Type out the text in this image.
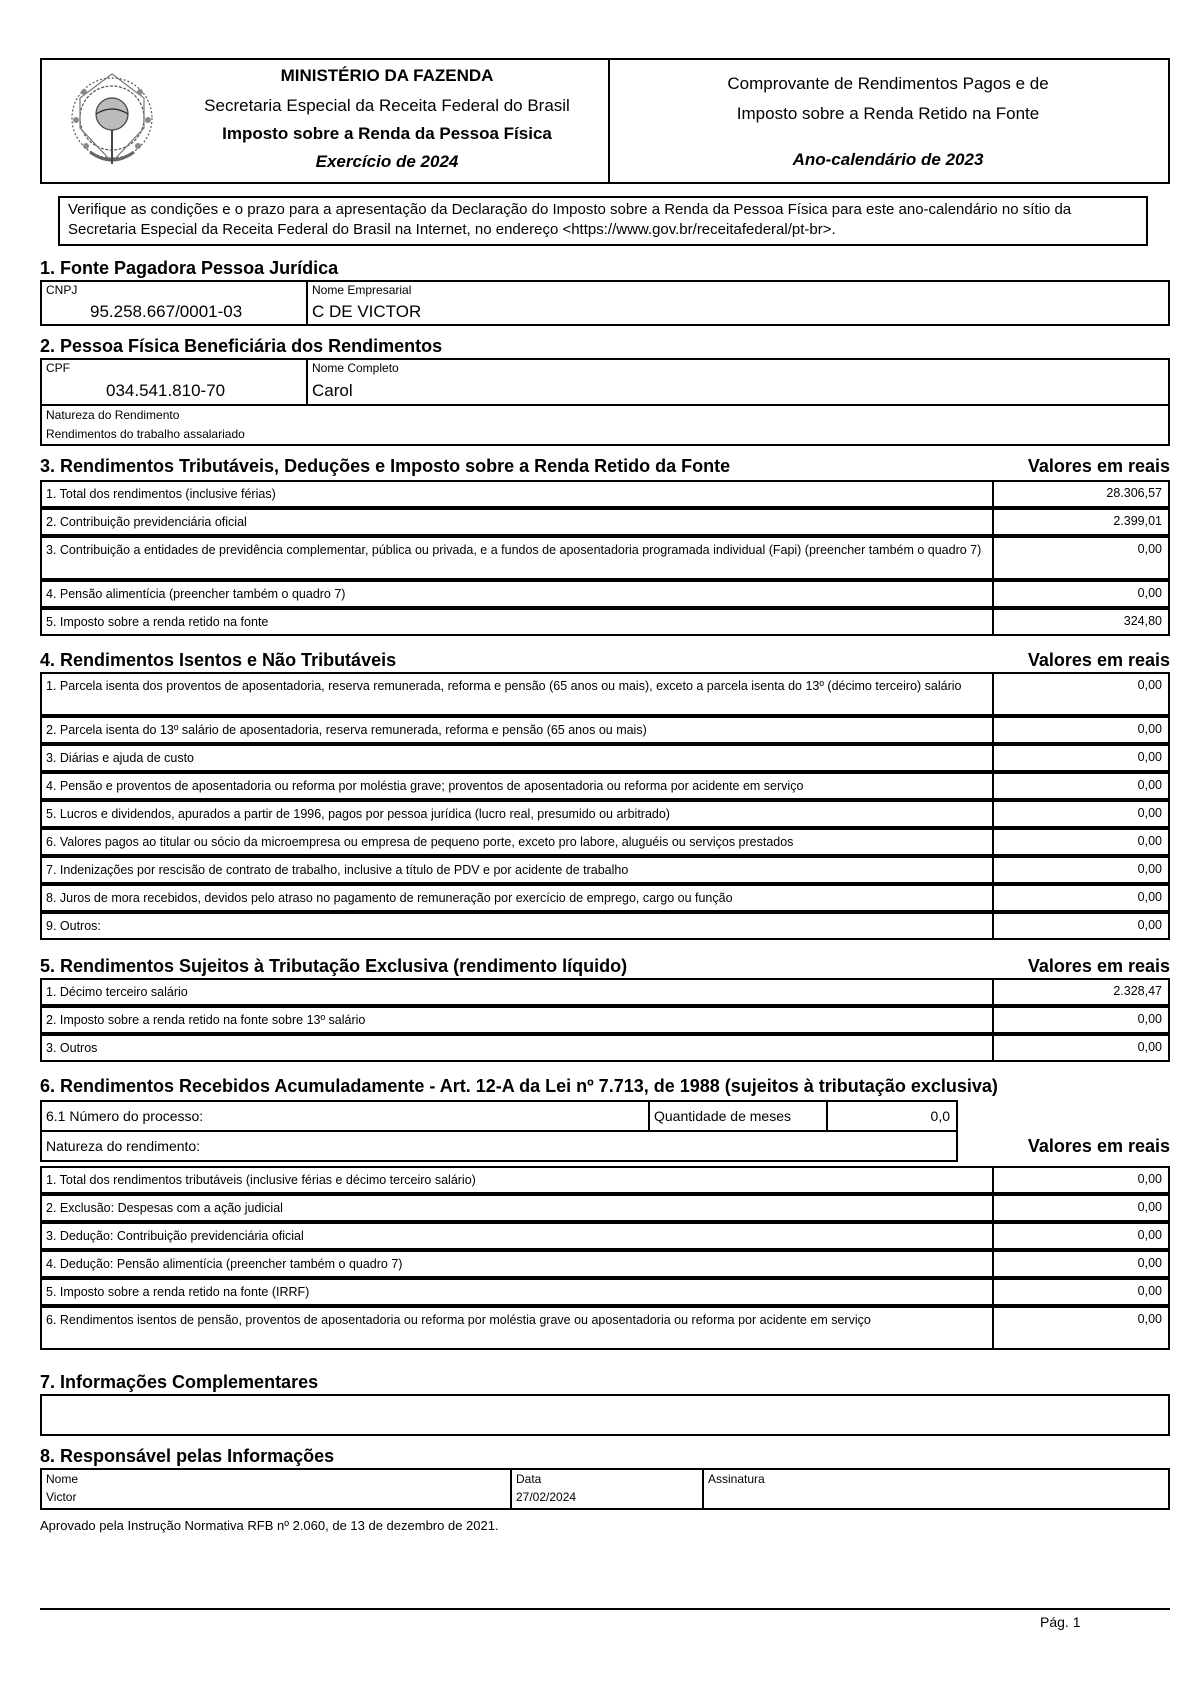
MINISTÉRIO DA FAZENDA
Secretaria Especial da Receita Federal do Brasil
Imposto sobre a Renda da Pessoa Física
Exercício de 2024
Comprovante de Rendimentos Pagos e de
Imposto sobre a Renda Retido na Fonte
Ano-calendário de 2023
Verifique as condições e o prazo para a apresentação da Declaração do Imposto sobre a Renda da Pessoa Física para este ano-calendário no sítio da Secretaria Especial da Receita Federal do Brasil na Internet, no endereço <https://www.gov.br/receitafederal/pt-br>.
1. Fonte Pagadora Pessoa Jurídica
CNPJ
95.258.667/0001-03
Nome Empresarial
C DE VICTOR
2. Pessoa Física Beneficiária dos Rendimentos
CPF
034.541.810-70
Nome Completo
Carol
Natureza do Rendimento
Rendimentos do trabalho assalariado
3. Rendimentos Tributáveis, Deduções e Imposto sobre a Renda Retido da Fonte	Valores em reais
1. Total dos rendimentos (inclusive férias)	28.306,57
2. Contribuição previdenciária oficial	2.399,01
3. Contribuição a entidades de previdência complementar, pública ou privada, e a fundos de aposentadoria programada individual (Fapi) (preencher também o quadro 7)	0,00
4. Pensão alimentícia (preencher também o quadro 7)	0,00
5. Imposto sobre a renda retido na fonte	324,80
4. Rendimentos Isentos e Não Tributáveis	Valores em reais
1. Parcela isenta dos proventos de aposentadoria, reserva remunerada, reforma e pensão (65 anos ou mais), exceto a parcela isenta do 13º (décimo terceiro) salário	0,00
2. Parcela isenta do 13º salário de aposentadoria, reserva remunerada, reforma e pensão (65 anos ou mais)	0,00
3. Diárias e ajuda de custo	0,00
4. Pensão e proventos de aposentadoria ou reforma por moléstia grave; proventos de aposentadoria ou reforma por acidente em serviço	0,00
5. Lucros e dividendos, apurados a partir de 1996, pagos por pessoa jurídica (lucro real, presumido ou arbitrado)	0,00
6. Valores pagos ao titular ou sócio da microempresa ou empresa de pequeno porte, exceto pro labore, aluguéis ou serviços prestados	0,00
7. Indenizações por rescisão de contrato de trabalho, inclusive a título de PDV e por acidente de trabalho	0,00
8. Juros de mora recebidos, devidos pelo atraso no pagamento de remuneração por exercício de emprego, cargo ou função	0,00
9. Outros:	0,00
5. Rendimentos Sujeitos à Tributação Exclusiva (rendimento líquido)	Valores em reais
1. Décimo terceiro salário	2.328,47
2. Imposto sobre a renda retido na fonte sobre 13º salário	0,00
3. Outros	0,00
6. Rendimentos Recebidos Acumuladamente - Art. 12-A da Lei nº 7.713, de 1988 (sujeitos à tributação exclusiva)
6.1 Número do processo:	Quantidade de meses	0,0
Natureza do rendimento:	Valores em reais
1. Total dos rendimentos tributáveis (inclusive férias e décimo terceiro salário)	0,00
2. Exclusão: Despesas com a ação judicial	0,00
3. Dedução: Contribuição previdenciária oficial	0,00
4. Dedução: Pensão alimentícia (preencher também o quadro 7)	0,00
5. Imposto sobre a renda retido na fonte (IRRF)	0,00
6. Rendimentos isentos de pensão, proventos de aposentadoria ou reforma por moléstia grave ou aposentadoria ou reforma por acidente em serviço	0,00
7. Informações Complementares
8. Responsável pelas Informações
Nome
Victor
Data
27/02/2024
Assinatura
Aprovado pela Instrução Normativa RFB nº 2.060, de 13 de dezembro de 2021.
Pág. 1
